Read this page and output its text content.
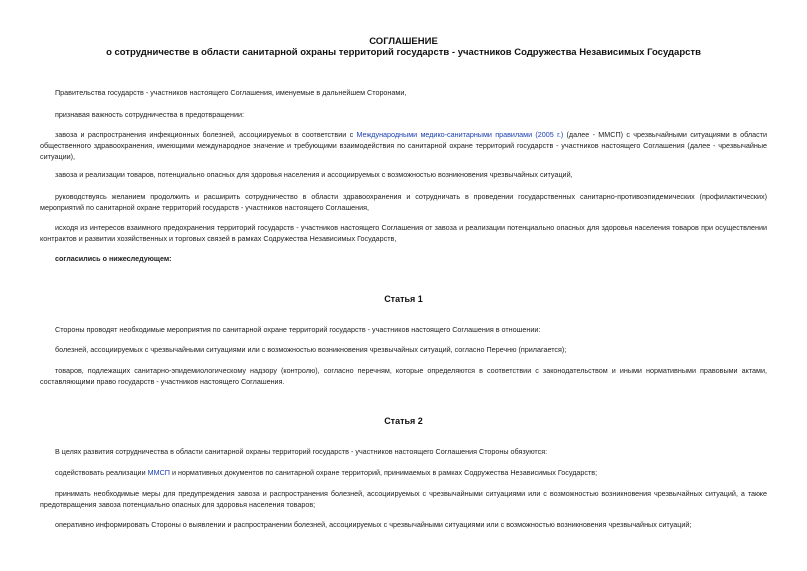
СОГЛАШЕНИЕ
о сотрудничестве в области санитарной охраны территорий государств - участников Содружества Независимых Государств
Правительства государств - участников настоящего Соглашения, именуемые в дальнейшем Сторонами,
признавая важность сотрудничества в предотвращении:
завоза и распространения инфекционных болезней, ассоциируемых в соответствии с Международными медико-санитарными правилами (2005 г.) (далее - ММСП) с чрезвычайными ситуациями в области общественного здравоохранения, имеющими международное значение и требующими взаимодействия по санитарной охране территорий государств - участников настоящего Соглашения (далее - чрезвычайные ситуации),
завоза и реализации товаров, потенциально опасных для здоровья населения и ассоциируемых с возможностью возникновения чрезвычайных ситуаций,
руководствуясь желанием продолжить и расширить сотрудничество в области здравоохранения и сотрудничать в проведении государственных санитарно-противоэпидемических (профилактических) мероприятий по санитарной охране территорий государств - участников настоящего Соглашения,
исходя из интересов взаимного предохранения территорий государств - участников настоящего Соглашения от завоза и реализации потенциально опасных для здоровья населения товаров при осуществлении контрактов и развитии хозяйственных и торговых связей в рамках Содружества Независимых Государств,
согласились о нижеследующем:
Статья 1
Стороны проводят необходимые мероприятия по санитарной охране территорий государств - участников настоящего Соглашения в отношении:
болезней, ассоциируемых с чрезвычайными ситуациями или с возможностью возникновения чрезвычайных ситуаций, согласно Перечню (прилагается);
товаров, подлежащих санитарно-эпидемиологическому надзору (контролю), согласно перечням, которые определяются в соответствии с законодательством и иными нормативными правовыми актами, составляющими право государств - участников настоящего Соглашения.
Статья 2
В целях развития сотрудничества в области санитарной охраны территорий государств - участников настоящего Соглашения Стороны обязуются:
содействовать реализации ММСП и нормативных документов по санитарной охране территорий, принимаемых в рамках Содружества Независимых Государств;
принимать необходимые меры для предупреждения завоза и распространения болезней, ассоциируемых с чрезвычайными ситуациями или с возможностью возникновения чрезвычайных ситуаций, а также предотвращения завоза потенциально опасных для здоровья населения товаров;
оперативно информировать Стороны о выявлении и распространении болезней, ассоциируемых с чрезвычайными ситуациями или с возможностью возникновения чрезвычайных ситуаций;
